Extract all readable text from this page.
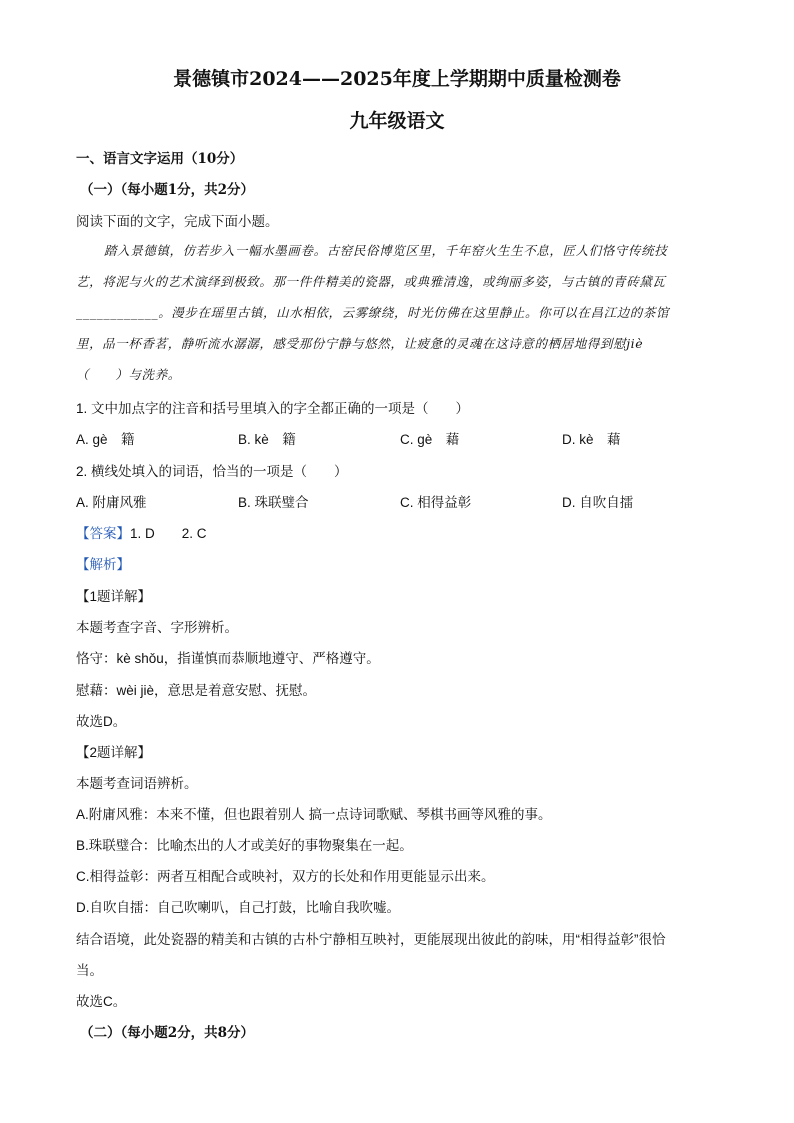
景德镇市2024——2025年度上学期期中质量检测卷
九年级语文
一、语言文字运用（10分）
（一）（每小题1分，共2分）
阅读下面的文字，完成下面小题。
踏入景德镇，仿若步入一幅水墨画卷。古窑民俗博览区里，千年窑火生生不息，匠人们恪守传统技
艺，将泥与火的艺术演绎到极致。那一件件精美的瓷器，或典雅清逸，或绚丽多姿，与古镇的青砖黛瓦
____________。漫步在瑶里古镇，山水相依，云雾缭绕，时光仿佛在这里静止。你可以在昌江边的茶馆
里，品一杯香茗，静听流水潺潺，感受那份宁静与悠然，让疲惫的灵魂在这诗意的栖居地得到慰jiè
（　　）与洗养。
1. 文中加点字的注音和括号里填入的字全都正确的一项是（　　）
A. gè　籍	B. kè　籍	C. gè　藉	D. kè　藉
2. 横线处填入的词语，恰当的一项是（　　）
A. 附庸风雅	B. 珠联璧合	C. 相得益彰	D. 自吹自擂
【答案】1. D　　2. C
【解析】
【1题详解】
本题考查字音、字形辨析。
恪守：kè shǒu，指谨慎而恭顺地遵守、严格遵守。
慰藉：wèi jiè，意思是着意安慰、抚慰。
故选D。
【2题详解】
本题考查词语辨析。
A.附庸风雅：本来不懂，但也跟着别人 搞一点诗词歌赋、琴棋书画等风雅的事。
B.珠联璧合：比喻杰出的人才或美好的事物聚集在一起。
C.相得益彰：两者互相配合或映衬，双方的长处和作用更能显示出来。
D.自吹自擂：自己吹喇叭，自己打鼓，比喻自我吹嘘。
结合语境，此处瓷器的精美和古镇的古朴宁静相互映衬，更能展现出彼此的韵味，用“相得益彰”很恰
当。
故选C。
（二）（每小题2分，共8分）
